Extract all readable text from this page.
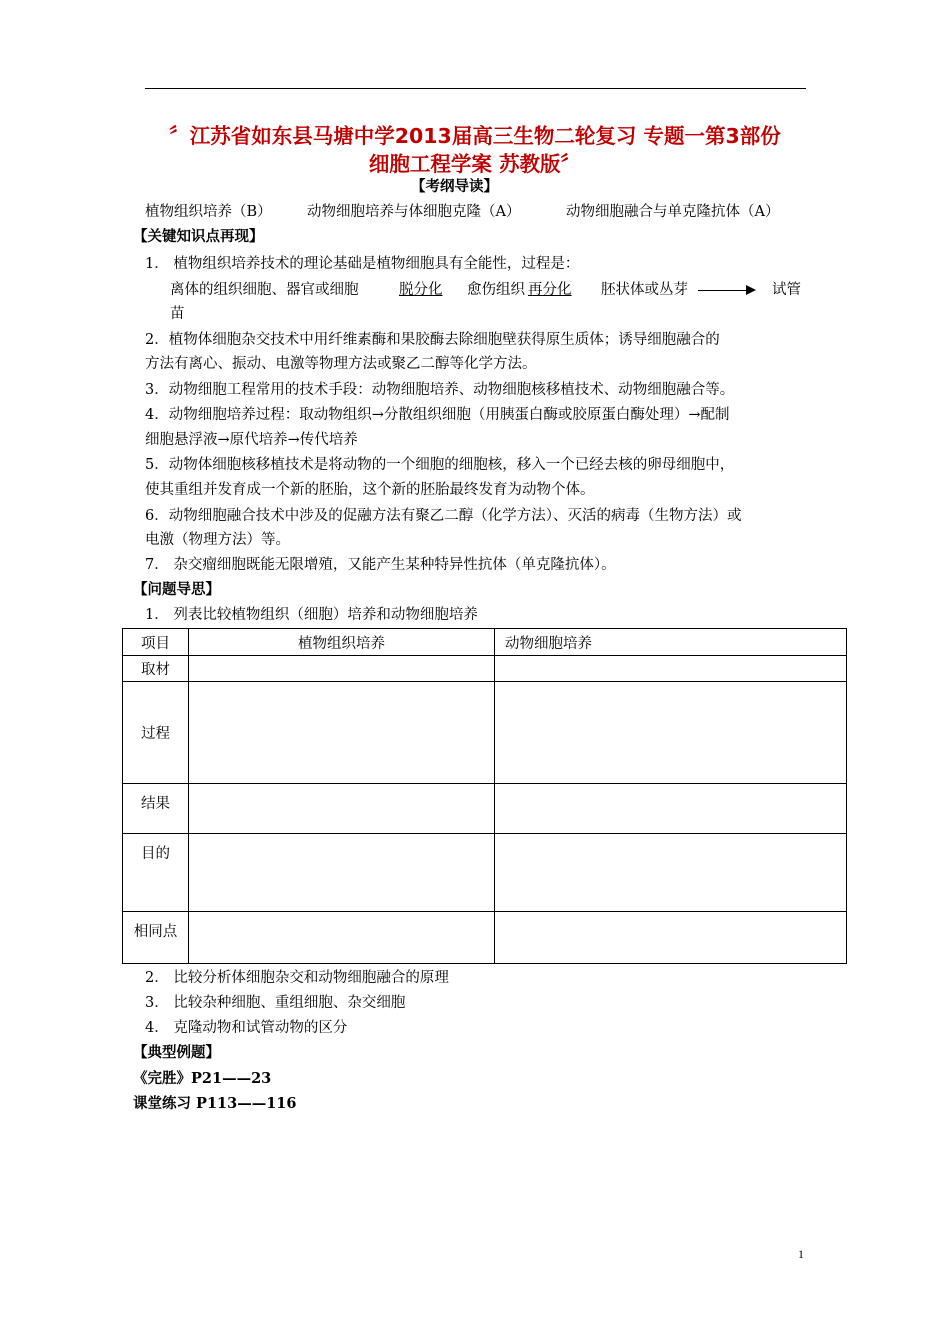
〞江苏省如东县马塘中学2013届高三生物二轮复习 专题一第3部份
细胞工程学案 苏教版〞
【考纲导读】
植物组织培养（B） 动物细胞培养与体细胞克隆（A）	动物细胞融合与单克隆抗体（A）
【关键知识点再现】
1． 植物组织培养技术的理论基础是植物细胞具有全能性，过程是：
离体的组织细胞、器官或细胞	脱分化 愈伤组织 再分化 胚状体或丛芽	试管
苗
2．植物体细胞杂交技术中用纤维素酶和果胶酶去除细胞壁获得原生质体；诱导细胞融合的
方法有离心、振动、电激等物理方法或聚乙二醇等化学方法。
3．动物细胞工程常用的技术手段：动物细胞培养、动物细胞核移植技术、动物细胞融合等。
4．动物细胞培养过程：取动物组织→分散组织细胞（用胰蛋白酶或胶原蛋白酶处理）→配制
细胞悬浮液→原代培养→传代培养
5．动物体细胞核移植技术是将动物的一个细胞的细胞核，移入一个已经去核的卵母细胞中，
使其重组并发育成一个新的胚胎，这个新的胚胎最终发育为动物个体。
6．动物细胞融合技术中涉及的促融方法有聚乙二醇（化学方法）、灭活的病毒（生物方法）或
电激（物理方法）等。
7． 杂交瘤细胞既能无限增殖，又能产生某种特异性抗体（单克隆抗体）。
【问题导思】
1． 列表比较植物组织（细胞）培养和动物细胞培养
项目	植物组织培养	动物细胞培养
取材		
过程		
结果		
目的		
相同点		
2． 比较分析体细胞杂交和动物细胞融合的原理
3． 比较杂种细胞、重组细胞、杂交细胞
4． 克隆动物和试管动物的区分
【典型例题】
《完胜》P21——23
课堂练习 P113——116
1
